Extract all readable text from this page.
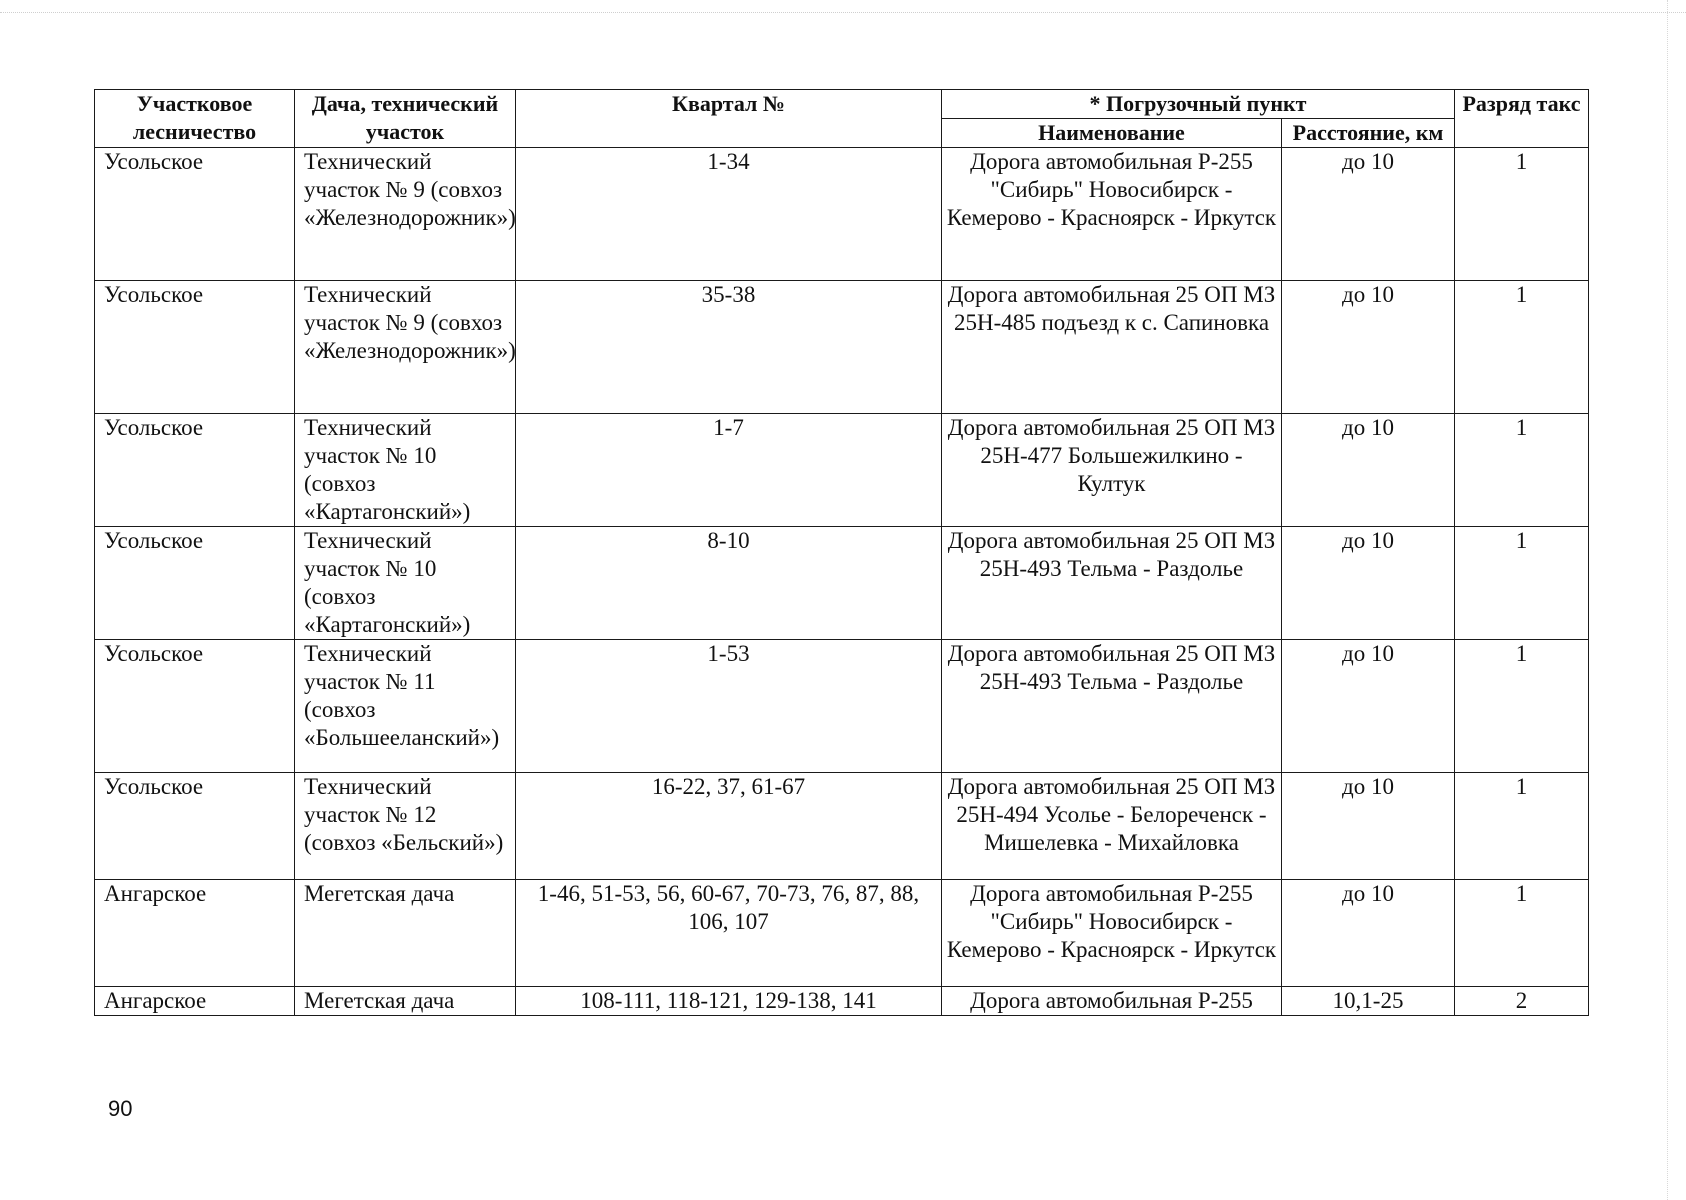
Участковое лесничество	Дача, технический участок	Квартал №	* Погрузочный пункт		Разряд такс
			Наименование	Расстояние, км	
Усольское	Технический участок № 9 (совхоз «Железнодорожник»)	1-34	Дорога автомобильная Р-255 "Сибирь" Новосибирск - Кемерово - Красноярск - Иркутск	до 10	1
Усольское	Технический участок № 9 (совхоз «Железнодорожник»)	35-38	Дорога автомобильная 25 ОП МЗ 25Н-485 подъезд к с. Сапиновка	до 10	1
Усольское	Технический участок № 10 (совхоз «Картагонский»)	1-7	Дорога автомобильная 25 ОП МЗ 25Н-477 Большежилкино - Култук	до 10	1
Усольское	Технический участок № 10 (совхоз «Картагонский»)	8-10	Дорога автомобильная 25 ОП МЗ 25Н-493 Тельма - Раздолье	до 10	1
Усольское	Технический участок № 11 (совхоз «Большееланский»)	1-53	Дорога автомобильная 25 ОП МЗ 25Н-493 Тельма - Раздолье	до 10	1
Усольское	Технический участок № 12 (совхоз «Бельский»)	16-22, 37, 61-67	Дорога автомобильная 25 ОП МЗ 25Н-494 Усолье - Белореченск - Мишелевка - Михайловка	до 10	1
Ангарское	Мегетская дача	1-46, 51-53, 56, 60-67, 70-73, 76, 87, 88, 106, 107	Дорога автомобильная Р-255 "Сибирь" Новосибирск - Кемерово - Красноярск - Иркутск	до 10	1
Ангарское	Мегетская дача	108-111, 118-121, 129-138, 141	Дорога автомобильная Р-255	10,1-25	2
90
